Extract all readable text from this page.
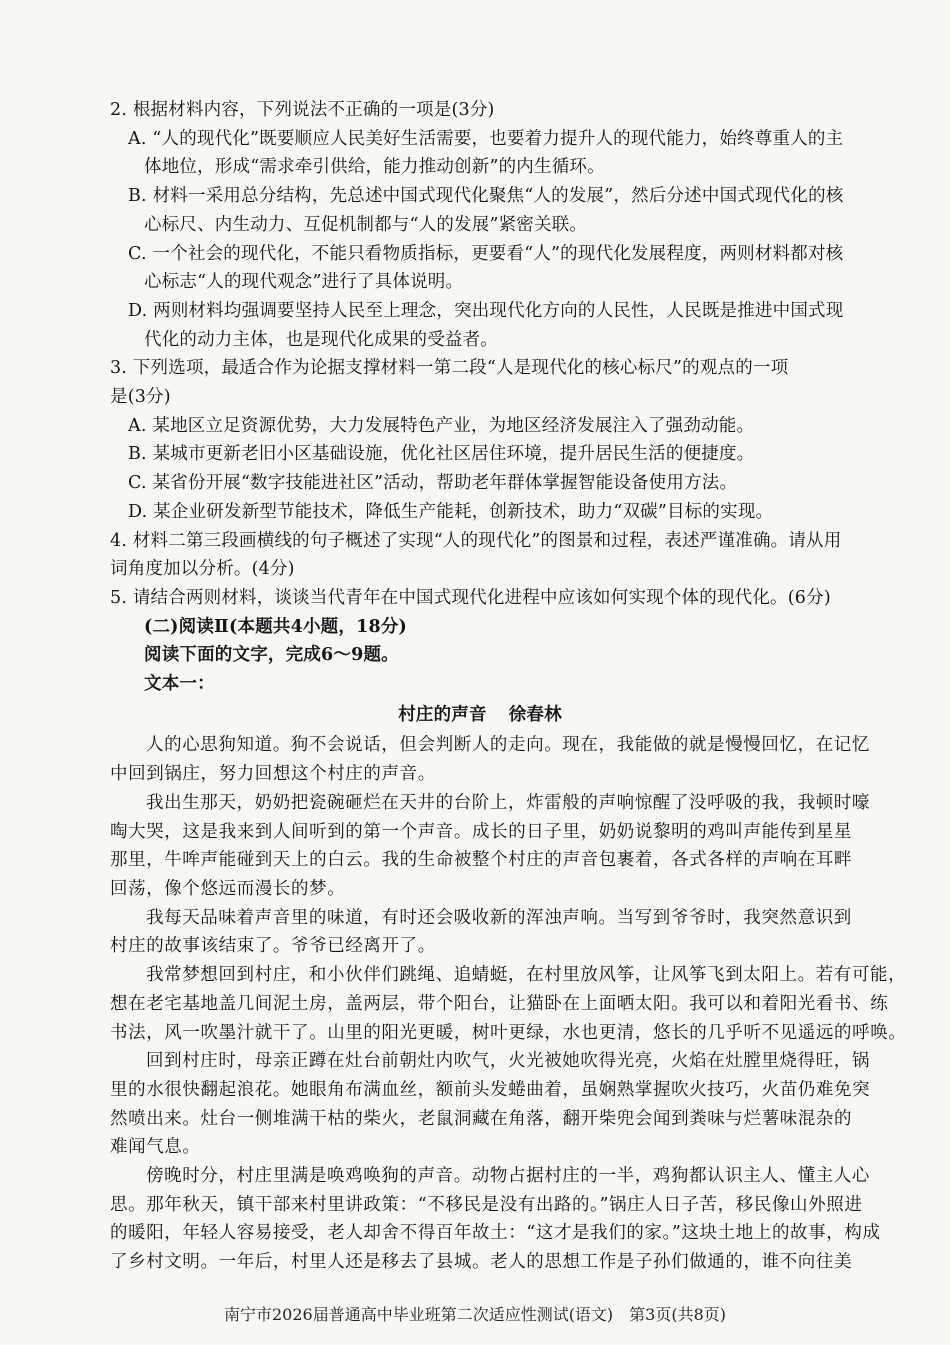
2. 根据材料内容，下列说法不正确的一项是(3分)
A. “人的现代化”既要顺应人民美好生活需要，也要着力提升人的现代能力，始终尊重人的主
体地位，形成“需求牵引供给，能力推动创新”的内生循环。
B. 材料一采用总分结构，先总述中国式现代化聚焦“人的发展”，然后分述中国式现代化的核
心标尺、内生动力、互促机制都与“人的发展”紧密关联。
C. 一个社会的现代化，不能只看物质指标，更要看“人”的现代化发展程度，两则材料都对核
心标志“人的现代观念”进行了具体说明。
D. 两则材料均强调要坚持人民至上理念，突出现代化方向的人民性，人民既是推进中国式现
代化的动力主体，也是现代化成果的受益者。
3. 下列选项，最适合作为论据支撑材料一第二段“人是现代化的核心标尺”的观点的一项
是(3分)
A. 某地区立足资源优势，大力发展特色产业，为地区经济发展注入了强劲动能。
B. 某城市更新老旧小区基础设施，优化社区居住环境，提升居民生活的便捷度。
C. 某省份开展“数字技能进社区”活动，帮助老年群体掌握智能设备使用方法。
D. 某企业研发新型节能技术，降低生产能耗，创新技术，助力“双碳”目标的实现。
4. 材料二第三段画横线的句子概述了实现“人的现代化”的图景和过程，表述严谨准确。请从用
词角度加以分析。(4分)
5. 请结合两则材料，谈谈当代青年在中国式现代化进程中应该如何实现个体的现代化。(6分)
(二)阅读Ⅱ(本题共4小题，18分)
阅读下面的文字，完成6～9题。
文本一：
村庄的声音 徐春林
人的心思狗知道。狗不会说话，但会判断人的走向。现在，我能做的就是慢慢回忆，在记忆
中回到锅庄，努力回想这个村庄的声音。
我出生那天，奶奶把瓷碗砸烂在天井的台阶上，炸雷般的声响惊醒了没呼吸的我，我顿时嚎
啕大哭，这是我来到人间听到的第一个声音。成长的日子里，奶奶说黎明的鸡叫声能传到星星
那里，牛哞声能碰到天上的白云。我的生命被整个村庄的声音包裹着，各式各样的声响在耳畔
回荡，像个悠远而漫长的梦。
我每天品味着声音里的味道，有时还会吸收新的浑浊声响。当写到爷爷时，我突然意识到
村庄的故事该结束了。爷爷已经离开了。
我常梦想回到村庄，和小伙伴们跳绳、追蜻蜓，在村里放风筝，让风筝飞到太阳上。若有可能，
想在老宅基地盖几间泥土房，盖两层，带个阳台，让猫卧在上面晒太阳。我可以和着阳光看书、练
书法，风一吹墨汁就干了。山里的阳光更暖，树叶更绿，水也更清，悠长的几乎听不见遥远的呼唤。
回到村庄时，母亲正蹲在灶台前朝灶内吹气，火光被她吹得光亮，火焰在灶膛里烧得旺，锅
里的水很快翻起浪花。她眼角布满血丝，额前头发蜷曲着，虽娴熟掌握吹火技巧，火苗仍难免突
然喷出来。灶台一侧堆满干枯的柴火，老鼠洞藏在角落，翻开柴兜会闻到粪味与烂薯味混杂的
难闻气息。
傍晚时分，村庄里满是唤鸡唤狗的声音。动物占据村庄的一半，鸡狗都认识主人、懂主人心
思。那年秋天，镇干部来村里讲政策：“不移民是没有出路的。”锅庄人日子苦，移民像山外照进
的暖阳，年轻人容易接受，老人却舍不得百年故土：“这才是我们的家。”这块土地上的故事，构成
了乡村文明。一年后，村里人还是移去了县城。老人的思想工作是子孙们做通的，谁不向往美
南宁市2026届普通高中毕业班第二次适应性测试(语文)　第3页(共8页)
